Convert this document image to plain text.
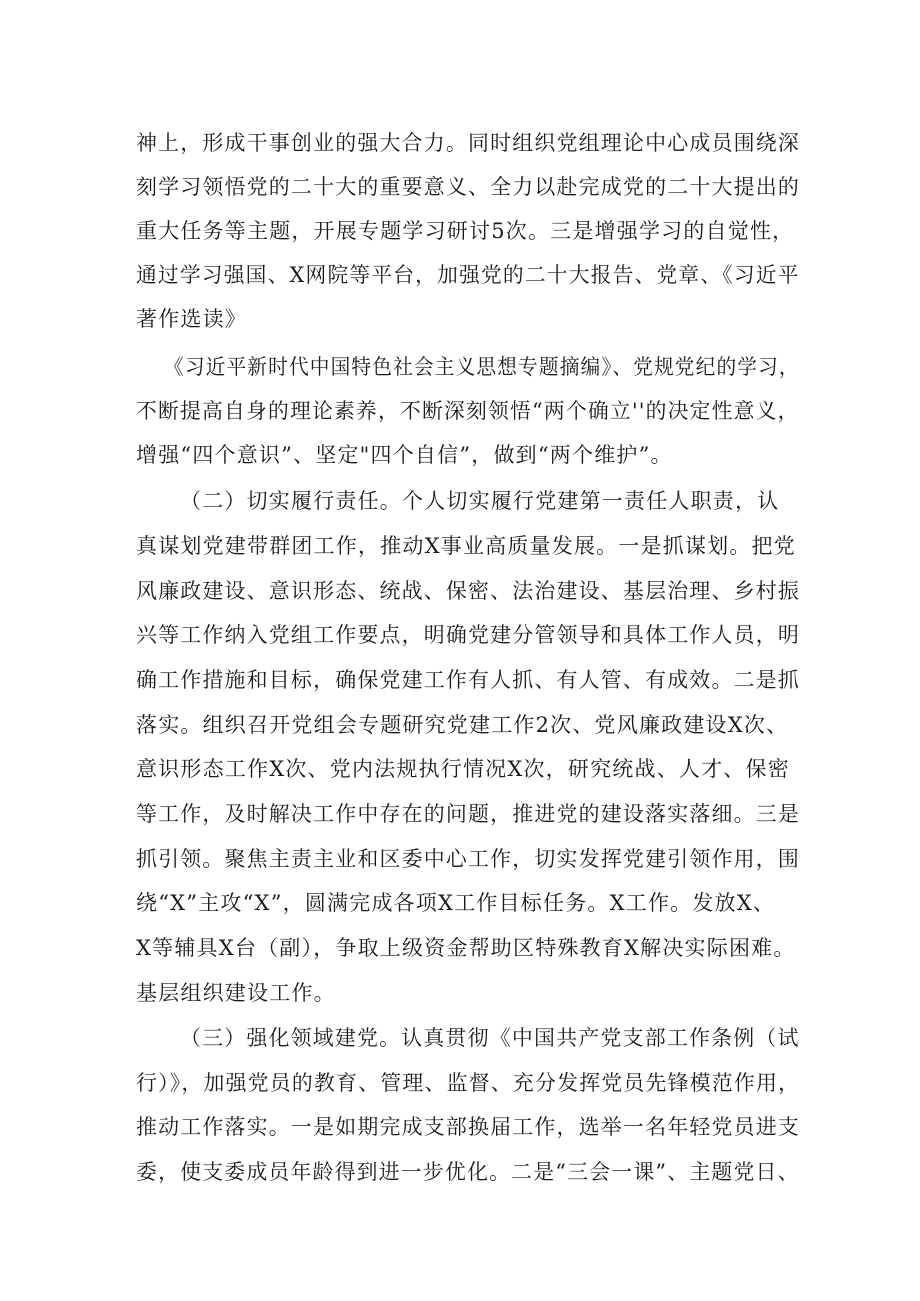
神上，形成干事创业的强大合力。同时组织党组理论中心成员围绕深
刻学习领悟党的二十大的重要意义、全力以赴完成党的二十大提出的
重大任务等主题，开展专题学习研讨5次。三是增强学习的自觉性，
通过学习强国、X网院等平台，加强党的二十大报告、党章、《习近平
著作选读》
《习近平新时代中国特色社会主义思想专题摘编》、党规党纪的学习，
不断提高自身的理论素养，不断深刻领悟“两个确立''的决定性意义，
增强“四个意识”、坚定"四个自信”，做到“两个维护”。
（二）切实履行责任。个人切实履行党建第一责任人职责，认
真谋划党建带群团工作，推动X事业高质量发展。一是抓谋划。把党
风廉政建设、意识形态、统战、保密、法治建设、基层治理、乡村振
兴等工作纳入党组工作要点，明确党建分管领导和具体工作人员，明
确工作措施和目标，确保党建工作有人抓、有人管、有成效。二是抓
落实。组织召开党组会专题研究党建工作2次、党风廉政建设X次、
意识形态工作X次、党内法规执行情况X次，研究统战、人才、保密
等工作，及时解决工作中存在的问题，推进党的建设落实落细。三是
抓引领。聚焦主责主业和区委中心工作，切实发挥党建引领作用，围
绕“X”主攻“X”，圆满完成各项X工作目标任务。X工作。发放X、
X等辅具X台（副），争取上级资金帮助区特殊教育X解决实际困难。
基层组织建设工作。
（三）强化领域建党。认真贯彻《中国共产党支部工作条例（试
行）》，加强党员的教育、管理、监督、充分发挥党员先锋模范作用，
推动工作落实。一是如期完成支部换届工作，选举一名年轻党员进支
委，使支委成员年龄得到进一步优化。二是“三会一课”、主题党日、
